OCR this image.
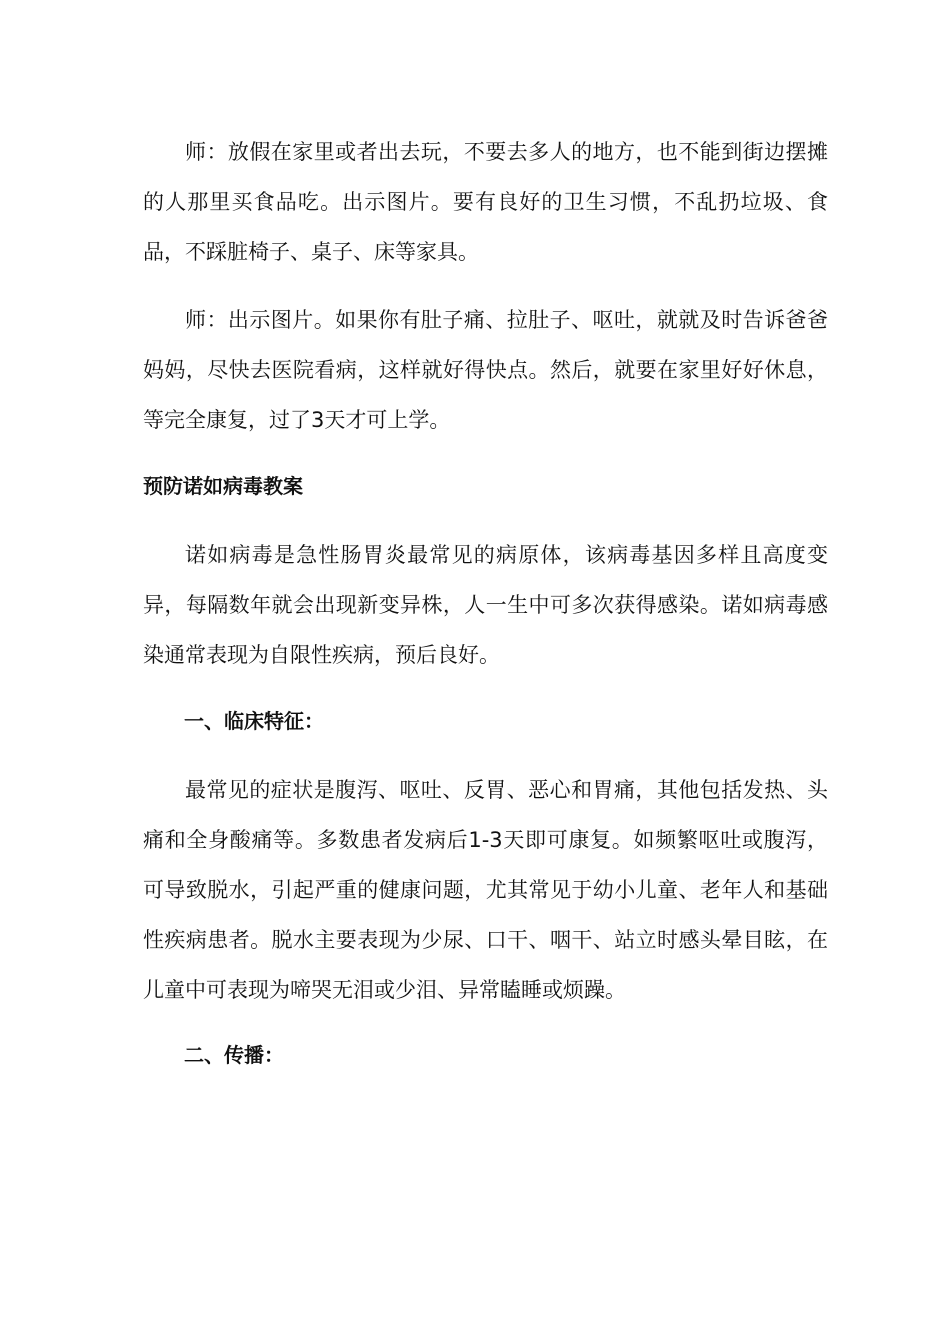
师：放假在家里或者出去玩，不要去多人的地方，也不能到街边摆摊的人那里买食品吃。出示图片。要有良好的卫生习惯，不乱扔垃圾、食品，不踩脏椅子、桌子、床等家具。

师：出示图片。如果你有肚子痛、拉肚子、呕吐，就就及时告诉爸爸妈妈，尽快去医院看病，这样就好得快点。然后，就要在家里好好休息，等完全康复，过了3天才可上学。

预防诺如病毒教案

诺如病毒是急性肠胃炎最常见的病原体，该病毒基因多样且高度变异，每隔数年就会出现新变异株，人一生中可多次获得感染。诺如病毒感染通常表现为自限性疾病，预后良好。

一、临床特征：

最常见的症状是腹泻、呕吐、反胃、恶心和胃痛，其他包括发热、头痛和全身酸痛等。多数患者发病后1-3天即可康复。如频繁呕吐或腹泻，可导致脱水，引起严重的健康问题，尤其常见于幼小儿童、老年人和基础性疾病患者。脱水主要表现为少尿、口干、咽干、站立时感头晕目眩，在儿童中可表现为啼哭无泪或少泪、异常瞌睡或烦躁。

二、传播：
